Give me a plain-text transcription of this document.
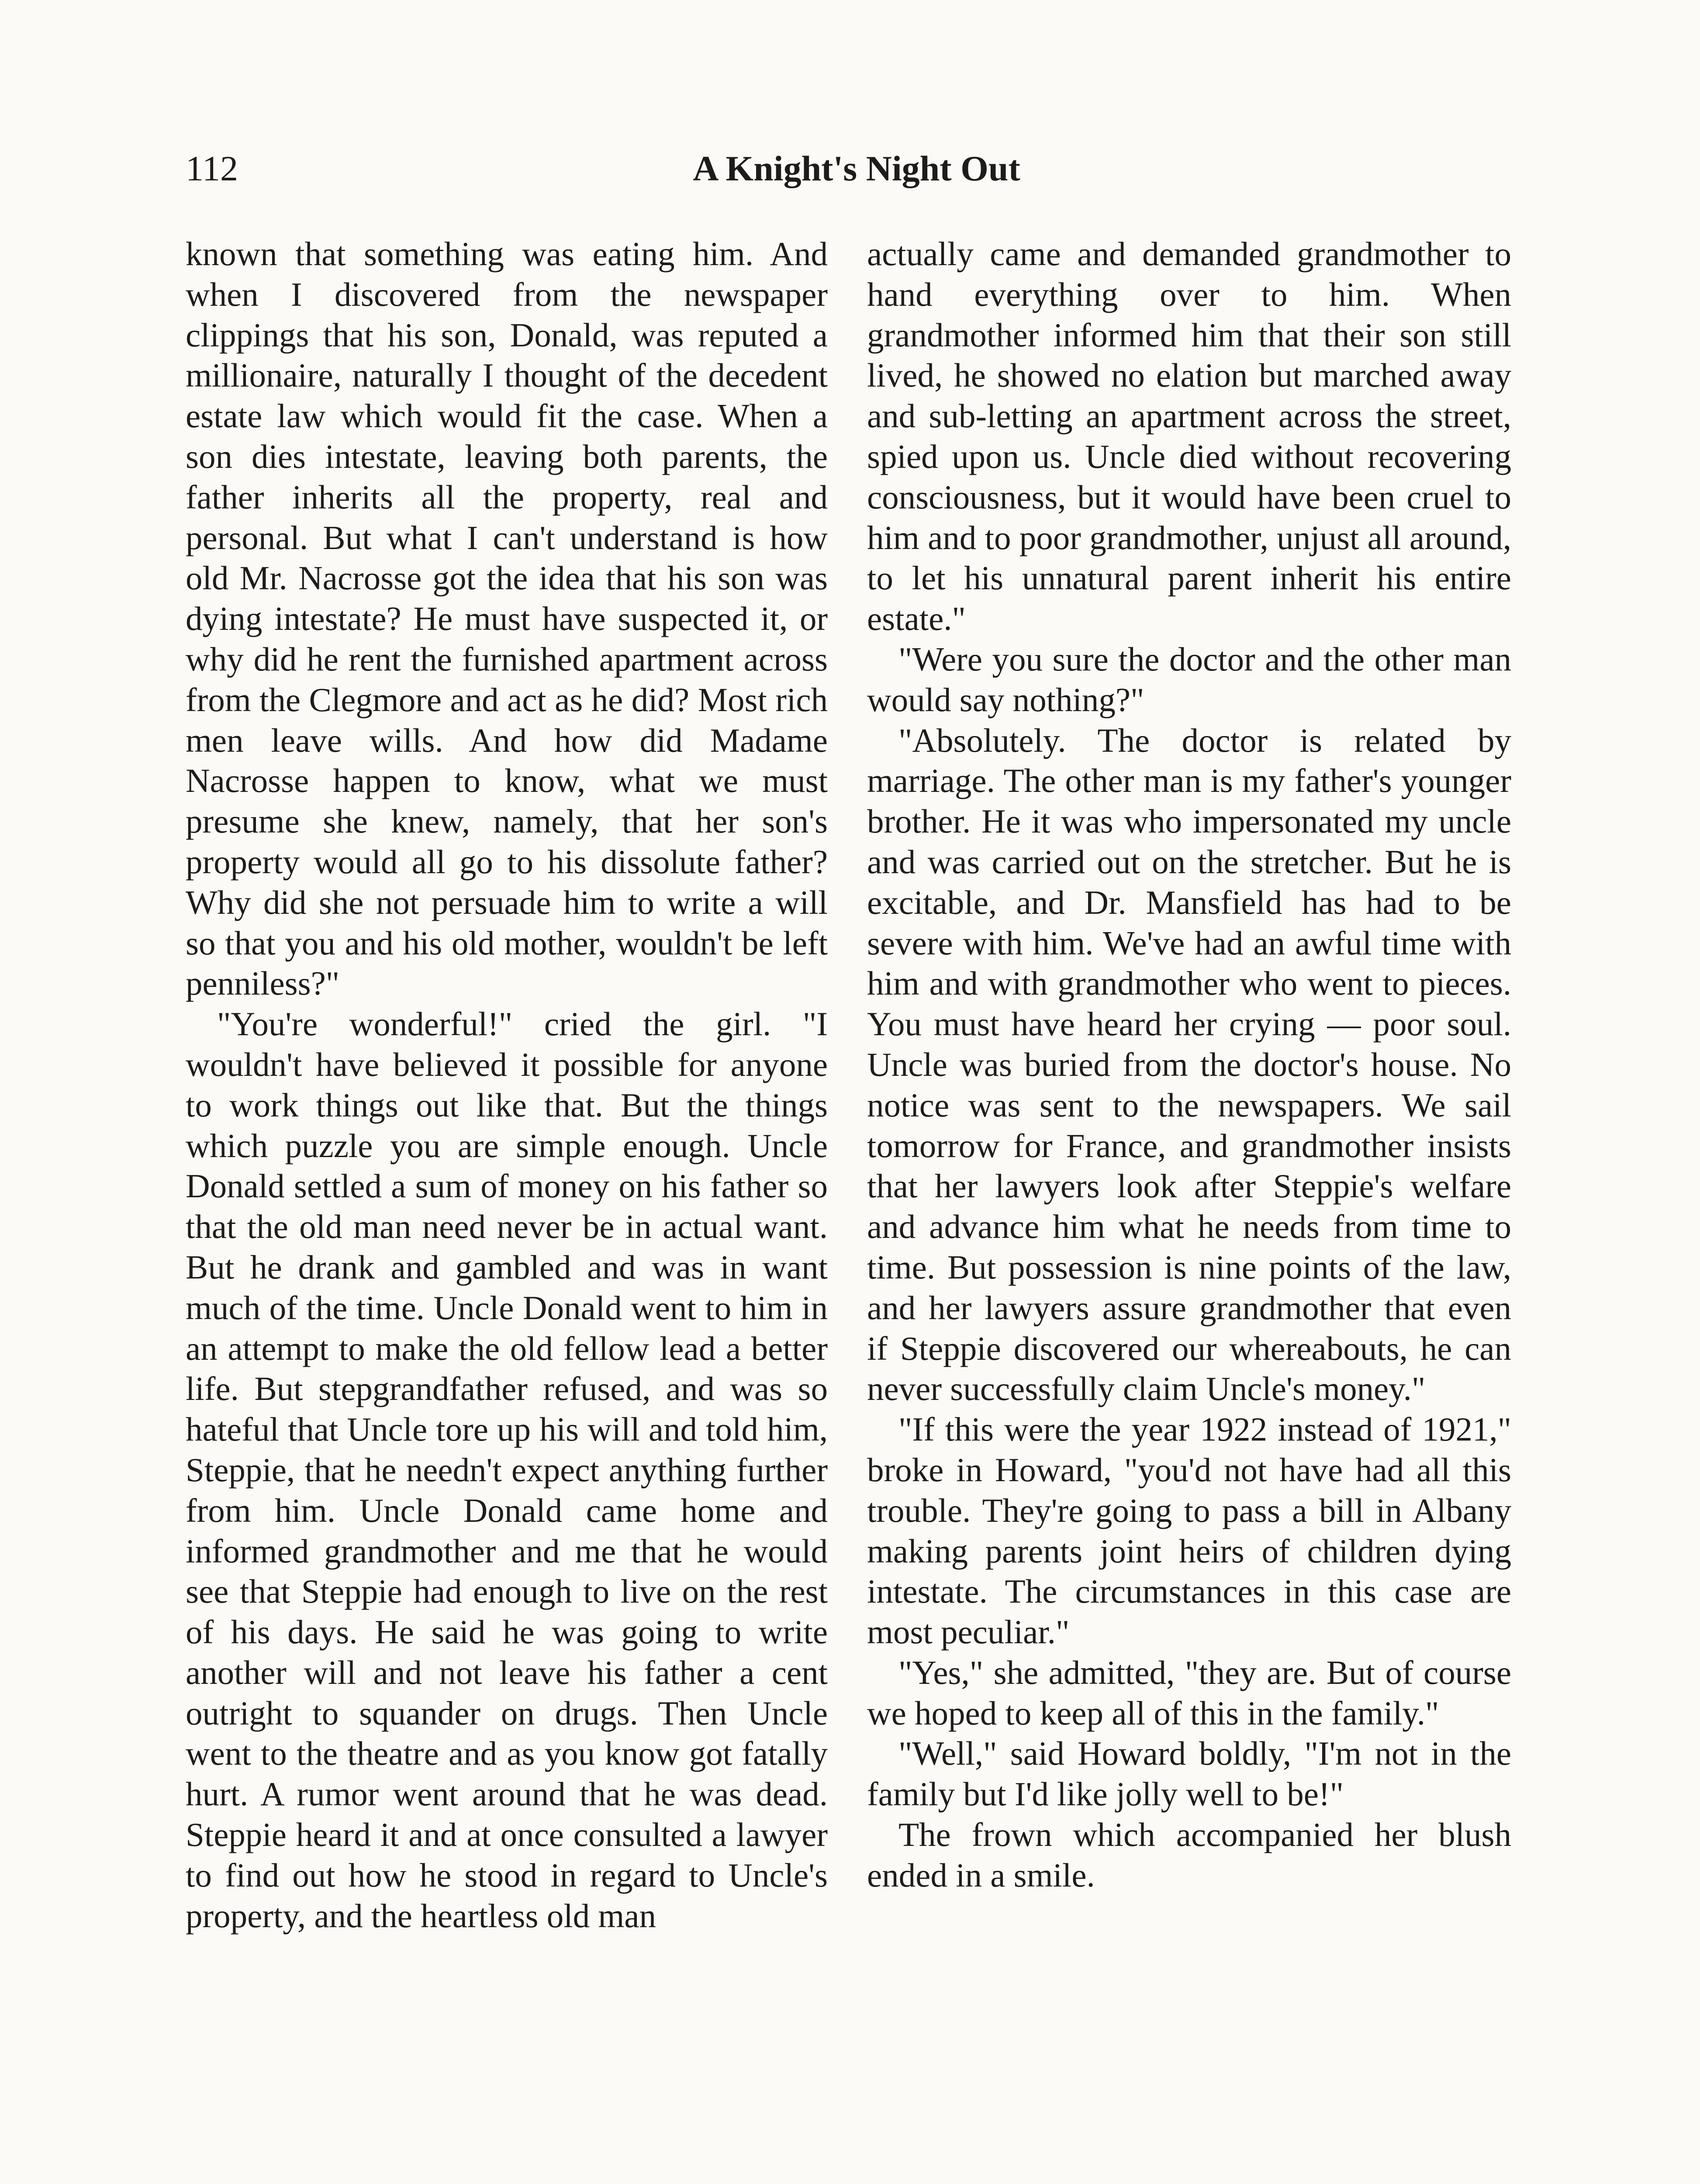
112	A Knight's Night Out

known that something was eating him. And when I discovered from the newspaper clippings that his son, Donald, was reputed a millionaire, naturally I thought of the decedent estate law which would fit the case. When a son dies intestate, leaving both parents, the father inherits all the property, real and personal. But what I can't understand is how old Mr. Nacrosse got the idea that his son was dying intestate? He must have suspected it, or why did he rent the furnished apartment across from the Clegmore and act as he did? Most rich men leave wills. And how did Madame Nacrosse happen to know, what we must presume she knew, namely, that her son's property would all go to his dissolute father? Why did she not persuade him to write a will so that you and his old mother, wouldn't be left penniless?"

"You're wonderful!" cried the girl. "I wouldn't have believed it possible for anyone to work things out like that. But the things which puzzle you are simple enough. Uncle Donald settled a sum of money on his father so that the old man need never be in actual want. But he drank and gambled and was in want much of the time. Uncle Donald went to him in an attempt to make the old fellow lead a better life. But stepgrandfather refused, and was so hateful that Uncle tore up his will and told him, Steppie, that he needn't expect anything further from him. Uncle Donald came home and informed grandmother and me that he would see that Steppie had enough to live on the rest of his days. He said he was going to write another will and not leave his father a cent outright to squander on drugs. Then Uncle went to the theatre and as you know got fatally hurt. A rumor went around that he was dead. Steppie heard it and at once consulted a lawyer to find out how he stood in regard to Uncle's property, and the heartless old man

actually came and demanded grandmother to hand everything over to him. When grandmother informed him that their son still lived, he showed no elation but marched away and sub-letting an apartment across the street, spied upon us. Uncle died without recovering consciousness, but it would have been cruel to him and to poor grandmother, unjust all around, to let his unnatural parent inherit his entire estate."

"Were you sure the doctor and the other man would say nothing?"

"Absolutely. The doctor is related by marriage. The other man is my father's younger brother. He it was who impersonated my uncle and was carried out on the stretcher. But he is excitable, and Dr. Mansfield has had to be severe with him. We've had an awful time with him and with grandmother who went to pieces. You must have heard her crying — poor soul. Uncle was buried from the doctor's house. No notice was sent to the newspapers. We sail tomorrow for France, and grandmother insists that her lawyers look after Steppie's welfare and advance him what he needs from time to time. But possession is nine points of the law, and her lawyers assure grandmother that even if Steppie discovered our whereabouts, he can never successfully claim Uncle's money."

"If this were the year 1922 instead of 1921," broke in Howard, "you'd not have had all this trouble. They're going to pass a bill in Albany making parents joint heirs of children dying intestate. The circumstances in this case are most peculiar."

"Yes," she admitted, "they are. But of course we hoped to keep all of this in the family."

"Well," said Howard boldly, "I'm not in the family but I'd like jolly well to be!"

The frown which accompanied her blush ended in a smile.
